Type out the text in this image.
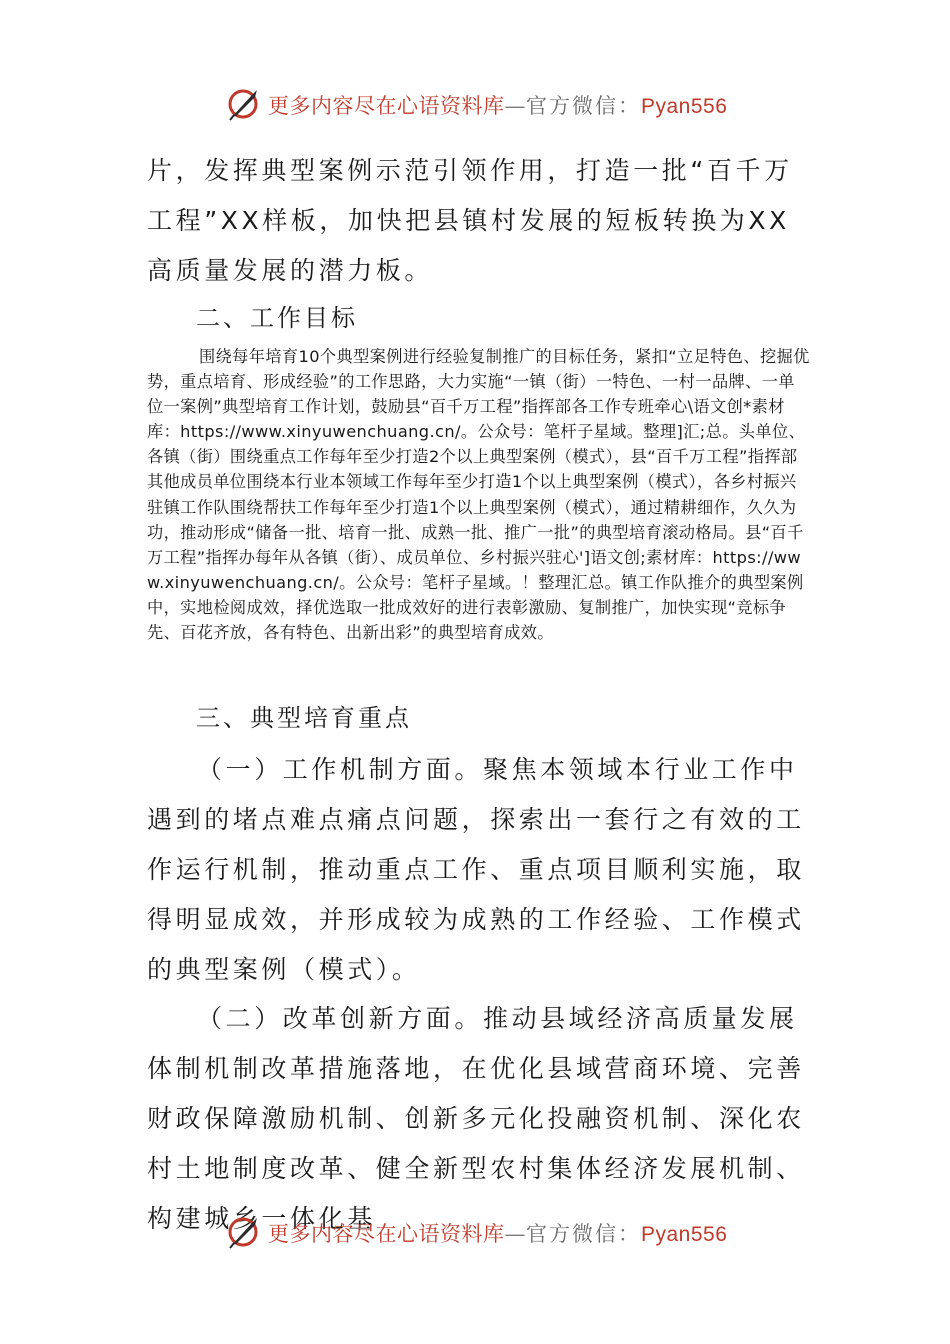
更多内容尽在心语资料库—官方微信：Pyan556

片，发挥典型案例示范引领作用，打造一批“百千万工程”XX样板，加快把县镇村发展的短板转换为XX高质量发展的潜力板。

二、工作目标

围绕每年培育10个典型案例进行经验复制推广的目标任务，紧扣“立足特色、挖掘优势，重点培育、形成经验”的工作思路，大力实施“一镇（街）一特色、一村一品牌、一单位一案例”典型培育工作计划，鼓励县“百千万工程”指挥部各工作专班牵心\语文创*素材库：https://www.xinyuwenchuang.cn/。公众号：笔杆子星域。整理]汇;总。头单位、各镇（街）围绕重点工作每年至少打造2个以上典型案例（模式），县“百千万工程”指挥部其他成员单位围绕本行业本领域工作每年至少打造1个以上典型案例（模式），各乡村振兴驻镇工作队围绕帮扶工作每年至少打造1个以上典型案例（模式），通过精耕细作，久久为功，推动形成“储备一批、培育一批、成熟一批、推广一批”的典型培育滚动格局。县“百千万工程”指挥办每年从各镇（街）、成员单位、乡村振兴驻心']语文创;素材库：https://www.xinyuwenchuang.cn/。公众号：笔杆子星域。！整理汇总。镇工作队推介的典型案例中，实地检阅成效，择优选取一批成效好的进行表彰激励、复制推广，加快实现“竞标争先、百花齐放，各有特色、出新出彩”的典型培育成效。

三、典型培育重点

（一）工作机制方面。聚焦本领域本行业工作中遇到的堵点难点痛点问题，探索出一套行之有效的工作运行机制，推动重点工作、重点项目顺利实施，取得明显成效，并形成较为成熟的工作经验、工作模式的典型案例（模式）。

（二）改革创新方面。推动县域经济高质量发展体制机制改革措施落地，在优化县域营商环境、完善财政保障激励机制、创新多元化投融资机制、深化农村土地制度改革、健全新型农村集体经济发展机制、构建城乡一体化基

更多内容尽在心语资料库—官方微信：Pyan556
